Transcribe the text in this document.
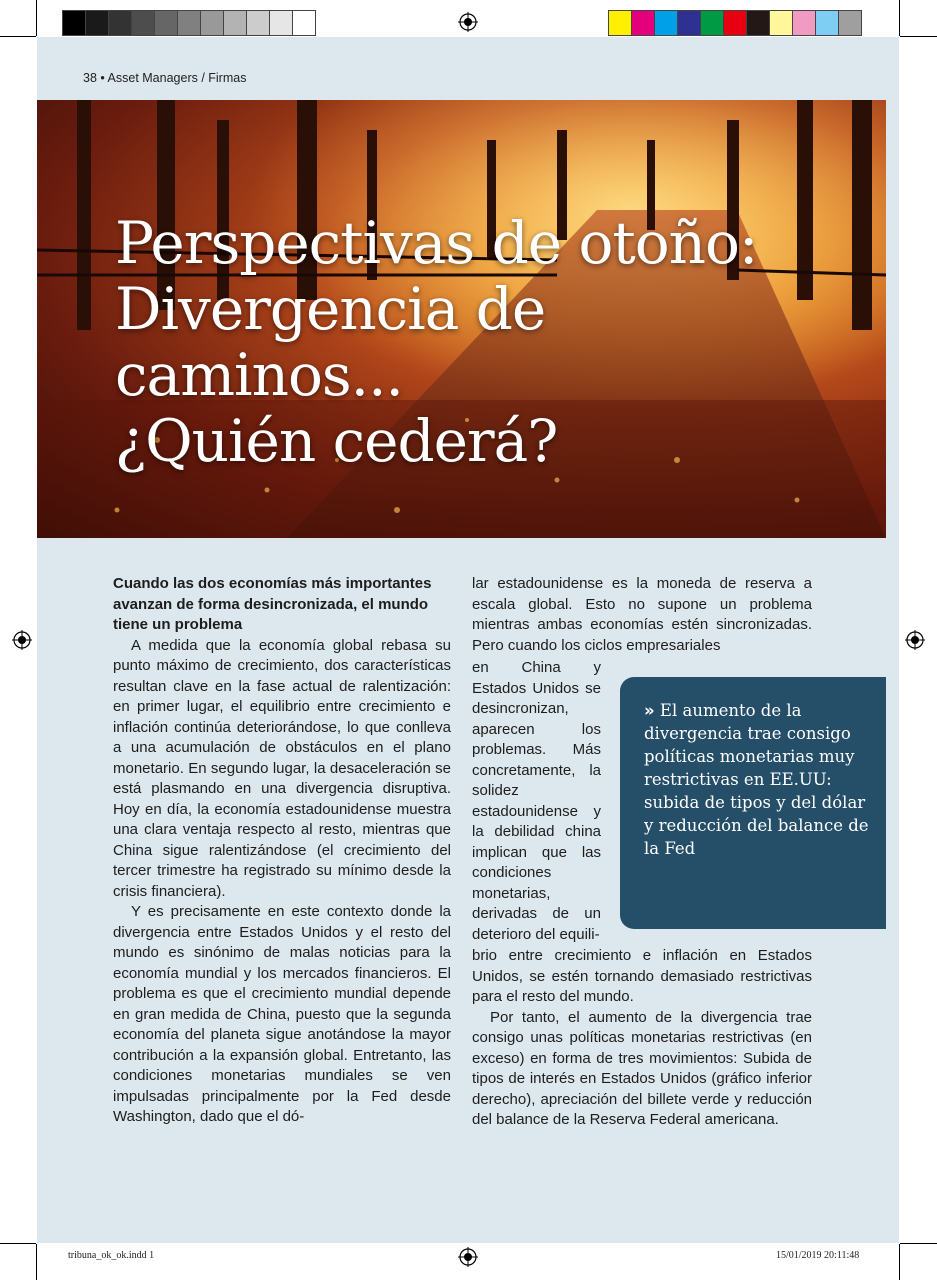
38 • Asset Managers / Firmas
Perspectivas de otoño:
Divergencia de
caminos...
¿Quién cederá?

Cuando las dos economías más importantes avanzan de forma desincronizada, el mundo tiene un problema

A medida que la economía global rebasa su punto máximo de crecimiento, dos características resultan clave en la fase actual de ralentización: en primer lugar, el equilibrio entre crecimiento e inflación continúa deteriorándose, lo que conlleva a una acumulación de obstáculos en el plano monetario. En segundo lugar, la desaceleración se está plasmando en una divergencia disruptiva. Hoy en día, la economía estadounidense muestra una clara ventaja respecto al resto, mientras que China sigue ralentizándose (el crecimiento del tercer trimestre ha registrado su mínimo desde la crisis financiera).

Y es precisamente en este contexto donde la divergencia entre Estados Unidos y el resto del mundo es sinónimo de malas noticias para la economía mundial y los mercados financieros. El problema es que el crecimiento mundial depende en gran medida de China, puesto que la segunda economía del planeta sigue anotándose la mayor contribución a la expansión global. Entretanto, las condiciones monetarias mundiales se ven impulsadas principalmente por la Fed desde Washington, dado que el dó-

lar estadounidense es la moneda de reserva a escala global. Esto no supone un problema mientras ambas economías estén sincronizadas. Pero cuando los ciclos empresariales

en China y Estados Unidos se desincronizan, aparecen los problemas. Más concretamente, la solidez estadounidense y la debilidad china implican que las condiciones monetarias, derivadas de un deterioro del equili-

brio entre crecimiento e inflación en Estados Unidos, se estén tornando demasiado restrictivas para el resto del mundo.

Por tanto, el aumento de la divergencia trae consigo unas políticas monetarias restrictivas (en exceso) en forma de tres movimientos: Subida de tipos de interés en Estados Unidos (gráfico inferior derecho), apreciación del billete verde y reducción del balance de la Reserva Federal americana.

» El aumento de la divergencia trae consigo políticas monetarias muy restrictivas en EE.UU: subida de tipos y del dólar y reducción del balance de la Fed
tribuna_ok_ok.indd 1	15/01/2019 20:11:48
